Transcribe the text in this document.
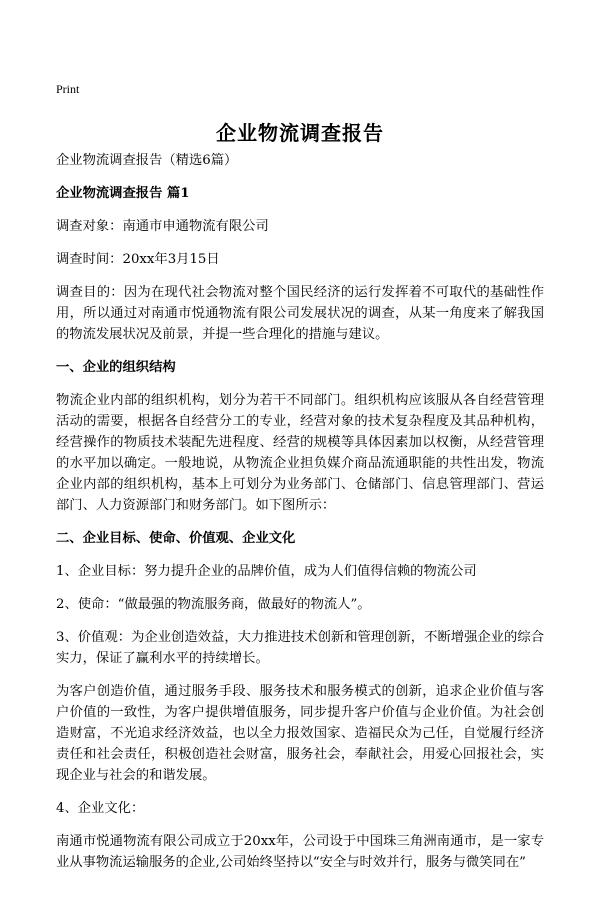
Print
企业物流调查报告

企业物流调查报告（精选6篇）

企业物流调查报告 篇1

调查对象：南通市申通物流有限公司

调查时间：20xx年3月15日

调查目的：因为在现代社会物流对整个国民经济的运行发挥着不可取代的基础性作用，所以通过对南通市悦通物流有限公司发展状况的调查，从某一角度来了解我国的物流发展状况及前景，并提一些合理化的措施与建议。

一、企业的组织结构

物流企业内部的组织机构，划分为若干不同部门。组织机构应该服从各自经营管理活动的需要，根据各自经营分工的专业，经营对象的技术复杂程度及其品种机构，经营操作的物质技术装配先进程度、经营的规模等具体因素加以权衡，从经营管理的水平加以确定。一般地说，从物流企业担负媒介商品流通职能的共性出发，物流企业内部的组织机构，基本上可划分为业务部门、仓储部门、信息管理部门、营运部门、人力资源部门和财务部门。如下图所示：

二、企业目标、使命、价值观、企业文化

1、企业目标：努力提升企业的品牌价值，成为人们值得信赖的物流公司

2、使命：“做最强的物流服务商，做最好的物流人”。

3、价值观：为企业创造效益，大力推进技术创新和管理创新，不断增强企业的综合实力，保证了赢利水平的持续增长。

为客户创造价值，通过服务手段、服务技术和服务模式的创新，追求企业价值与客户价值的一致性，为客户提供增值服务，同步提升客户价值与企业价值。为社会创造财富，不光追求经济效益，也以全力报效国家、造福民众为己任，自觉履行经济责任和社会责任，积极创造社会财富，服务社会，奉献社会，用爱心回报社会，实现企业与社会的和谐发展。

4、企业文化：

南通市悦通物流有限公司成立于20xx年，公司设于中国珠三角洲南通市，是一家专业从事物流运输服务的企业,公司始终坚持以“安全与时效并行，服务与微笑同在”
